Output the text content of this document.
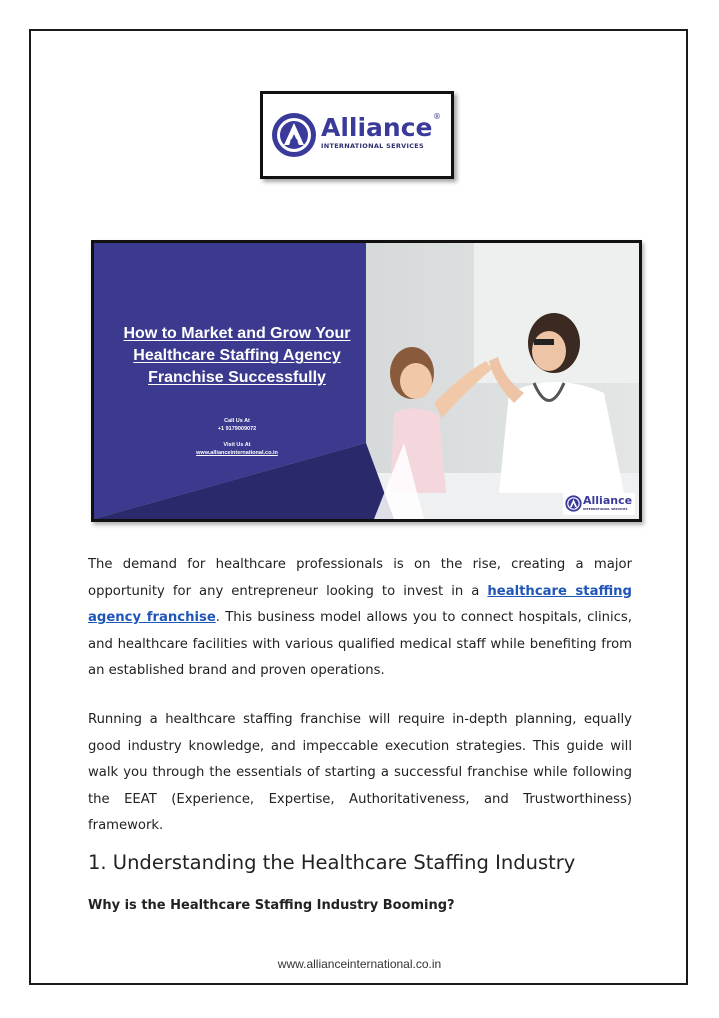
Alliance ®
INTERNATIONAL SERVICES
How to Market and Grow Your
Healthcare Staffing Agency
Franchise Successfully
Call Us At
+1 9179009072
Visit Us At
www.allianceinternational.co.in
Alliance
INTERNATIONAL SERVICES
The demand for healthcare professionals is on the rise, creating a major opportunity for any entrepreneur looking to invest in a healthcare staffing agency franchise. This business model allows you to connect hospitals, clinics, and healthcare facilities with various qualified medical staff while benefiting from an established brand and proven operations.
Running a healthcare staffing franchise will require in-depth planning, equally good industry knowledge, and impeccable execution strategies. This guide will walk you through the essentials of starting a successful franchise while following the EEAT (Experience, Expertise, Authoritativeness, and Trustworthiness) framework.
1. Understanding the Healthcare Staffing Industry
Why is the Healthcare Staffing Industry Booming?
www.allianceinternational.co.in
